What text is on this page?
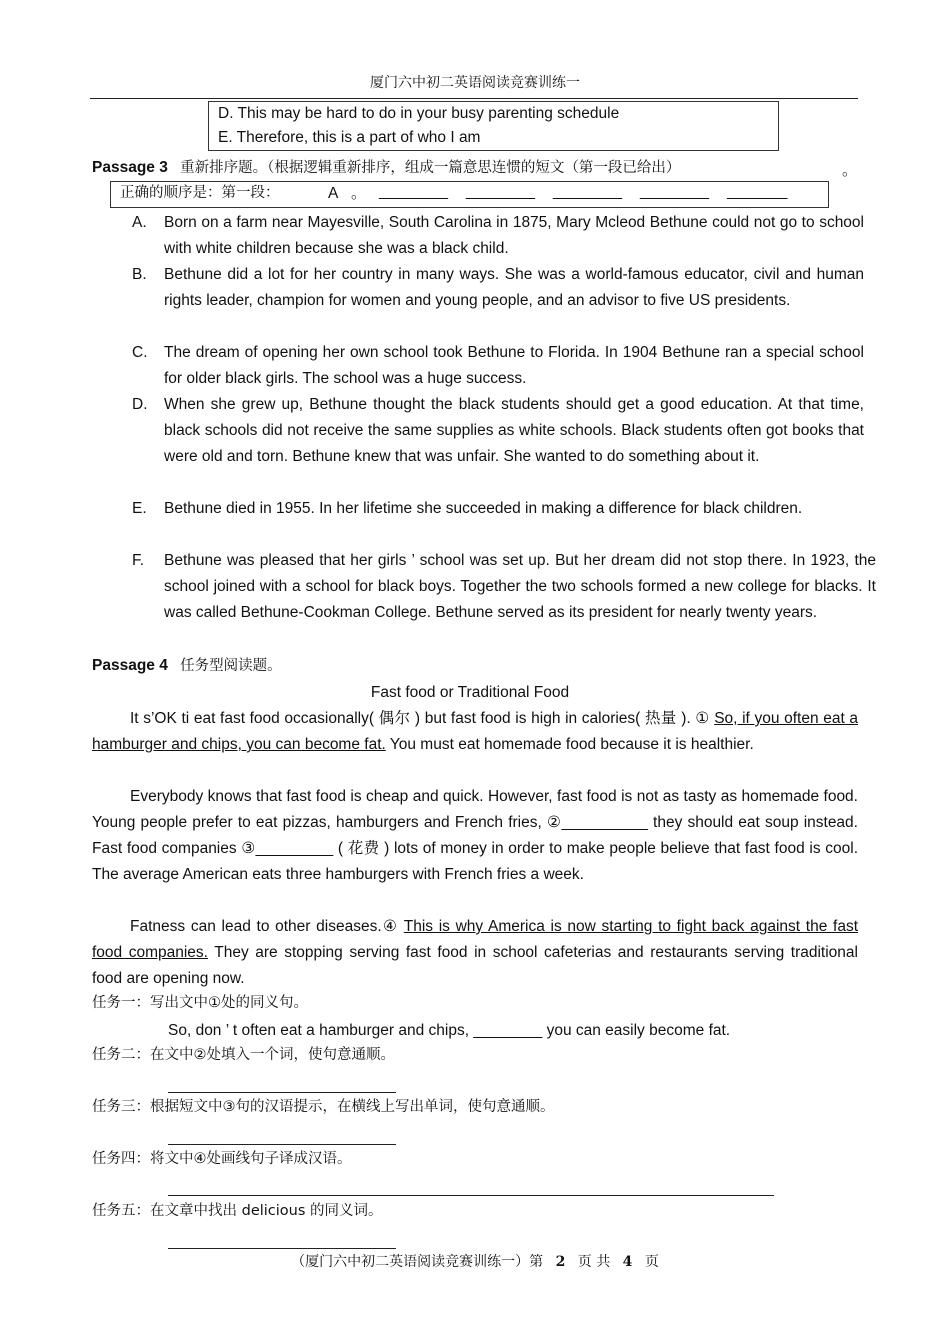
厦门六中初二英语阅读竞赛训练一
D. This may be hard to do in your busy parenting schedule
E. Therefore, this is a part of who I am
Passage 3 重新排序题。（根据逻辑重新排序，组成一篇意思连惯的短文（第一段已给出）	。
正确的顺序是：第一段：	A 。 ________ ________ ________ ________ _______
A. Born on a farm near Mayesville, South Carolina in 1875, Mary Mcleod Bethune could not go to school with white children because she was a black child.
B. Bethune did a lot for her country in many ways. She was a world-famous educator, civil and human rights leader, champion for women and young people, and an advisor to five US presidents.
C. The dream of opening her own school took Bethune to Florida. In 1904 Bethune ran a special school for older black girls. The school was a huge success.
D. When she grew up, Bethune thought the black students should get a good education. At that time, black schools did not receive the same supplies as white schools. Black students often got books that were old and torn. Bethune knew that was unfair. She wanted to do something about it.
E. Bethune died in 1955. In her lifetime she succeeded in making a difference for black children.
F. Bethune was pleased that her girls ’ school was set up. But her dream did not stop there. In 1923, the school joined with a school for black boys. Together the two schools formed a new college for blacks. It was called Bethune-Cookman College. Bethune served as its president for nearly twenty years.
Passage 4 任务型阅读题。
Fast food or Traditional Food
It s’OK ti eat fast food occasionally( 偶尔 ) but fast food is high in calories( 热量 ). ① So, if you often eat a hamburger and chips, you can become fat. You must eat homemade food because it is healthier.
Everybody knows that fast food is cheap and quick. However, fast food is not as tasty as homemade food. Young people prefer to eat pizzas, hamburgers and French fries, ②__________ they should eat soup instead. Fast food companies ③_________ ( 花费 ) lots of money in order to make people believe that fast food is cool. The average American eats three hamburgers with French fries a week.
Fatness can lead to other diseases.④ This is why America is now starting to fight back against the fast food companies. They are stopping serving fast food in school cafeterias and restaurants serving traditional food are opening now.
任务一：写出文中①处的同义句。
So, don ’ t often eat a hamburger and chips, ________ you can easily become fat.
任务二：在文中②处填入一个词，使句意通顺。
任务三：根据短文中③句的汉语提示，在横线上写出单词，使句意通顺。
任务四：将文中④处画线句子译成汉语。
任务五：在文章中找出 delicious 的同义词。
（厦门六中初二英语阅读竞赛训练一）第 2 页 共 4 页
